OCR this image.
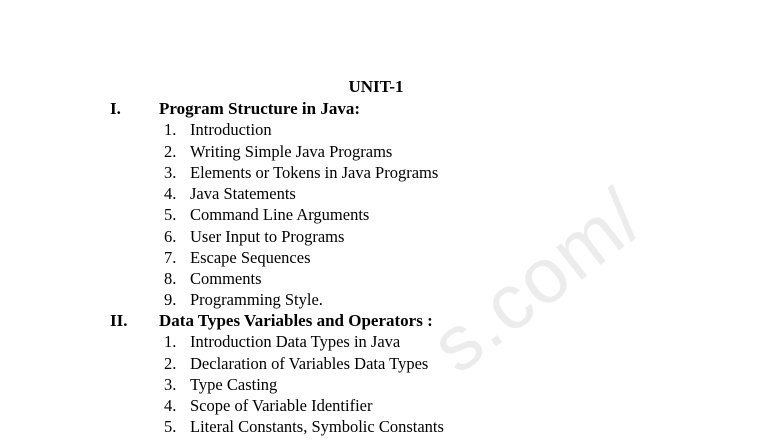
s.com/
UNIT-1
I. Program Structure in Java:
1. Introduction
2. Writing Simple Java Programs
3. Elements or Tokens in Java Programs
4. Java Statements
5. Command Line Arguments
6. User Input to Programs
7. Escape Sequences
8. Comments
9. Programming Style.
II. Data Types Variables and Operators :
1. Introduction Data Types in Java
2. Declaration of Variables Data Types
3. Type Casting
4. Scope of Variable Identifier
5. Literal Constants, Symbolic Constants
